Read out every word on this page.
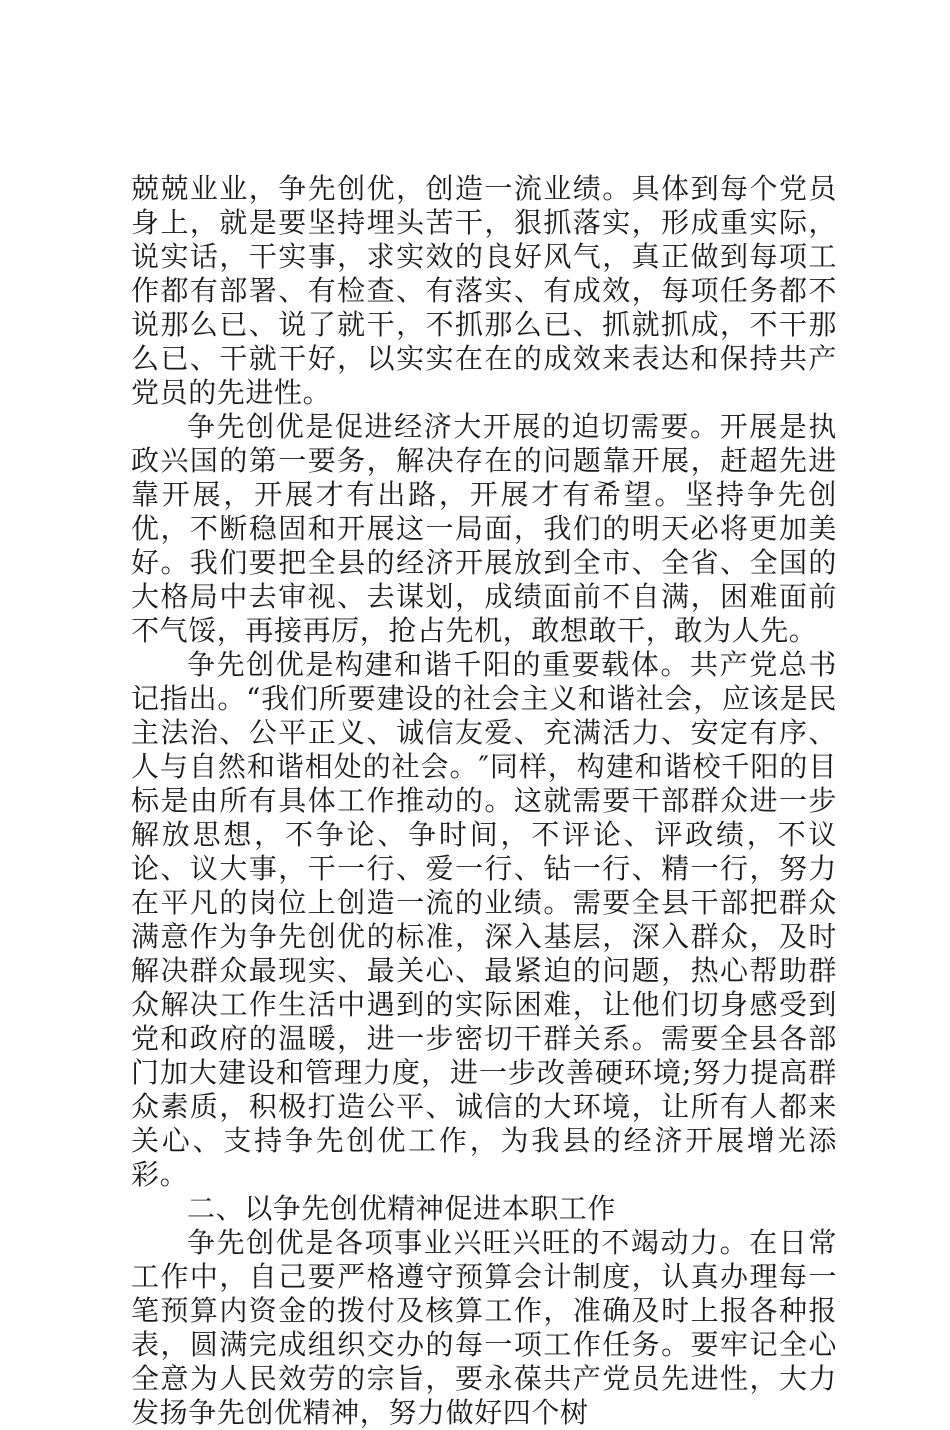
兢兢业业，争先创优，创造一流业绩。具体到每个党员身上，就是要坚持埋头苦干，狠抓落实，形成重实际，说实话，干实事，求实效的良好风气，真正做到每项工作都有部署、有检查、有落实、有成效，每项任务都不说那么已、说了就干，不抓那么已、抓就抓成，不干那么已、干就干好，以实实在在的成效来表达和保持共产党员的先进性。

争先创优是促进经济大开展的迫切需要。开展是执政兴国的第一要务，解决存在的问题靠开展，赶超先进靠开展，开展才有出路，开展才有希望。坚持争先创优，不断稳固和开展这一局面，我们的明天必将更加美好。我们要把全县的经济开展放到全市、全省、全国的大格局中去审视、去谋划，成绩面前不自满，困难面前不气馁，再接再厉，抢占先机，敢想敢干，敢为人先。

争先创优是构建和谐千阳的重要载体。共产党总书记指出。“我们所要建设的社会主义和谐社会，应该是民主法治、公平正义、诚信友爱、充满活力、安定有序、人与自然和谐相处的社会。″同样，构建和谐校千阳的目标是由所有具体工作推动的。这就需要干部群众进一步解放思想，不争论、争时间，不评论、评政绩，不议论、议大事，干一行、爱一行、钻一行、精一行，努力在平凡的岗位上创造一流的业绩。需要全县干部把群众满意作为争先创优的标准，深入基层，深入群众，及时解决群众最现实、最关心、最紧迫的问题，热心帮助群众解决工作生活中遇到的实际困难，让他们切身感受到党和政府的温暖，进一步密切干群关系。需要全县各部门加大建设和管理力度，进一步改善硬环境;努力提高群众素质，积极打造公平、诚信的大环境，让所有人都来关心、支持争先创优工作，为我县的经济开展增光添彩。

二、以争先创优精神促进本职工作

争先创优是各项事业兴旺兴旺的不竭动力。在日常工作中，自己要严格遵守预算会计制度，认真办理每一笔预算内资金的拨付及核算工作，准确及时上报各种报表，圆满完成组织交办的每一项工作任务。要牢记全心全意为人民效劳的宗旨，要永葆共产党员先进性，大力发扬争先创优精神，努力做好四个树
